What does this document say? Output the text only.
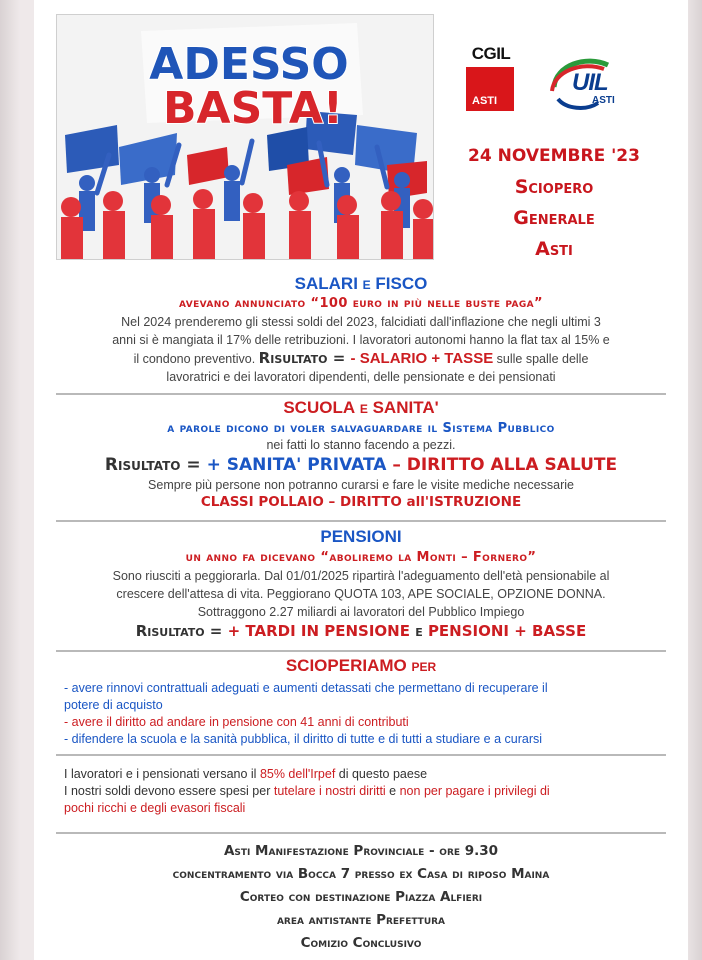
ADESSO
BASTA!
CGIL
ASTI
UIL
ASTI
24 NOVEMBRE '23
Sciopero
Generale
Asti
SALARI e FISCO
avevano annunciato “100 euro in più nelle buste paga”
Nel 2024 prenderemo gli stessi soldi del 2023, falcidiati dall'inflazione che negli ultimi 3
anni si è mangiata il 17% delle retribuzioni. I lavoratori autonomi hanno la flat tax al 15% e
il condono preventivo. Risultato = - SALARIO + TASSE sulle spalle delle
lavoratrici e dei lavoratori dipendenti, delle pensionate e dei pensionati
SCUOLA e SANITA'
a parole dicono di voler salvaguardare il Sistema Pubblico
nei fatti lo stanno facendo a pezzi.
Risultato = + SANITA' PRIVATA – DIRITTO ALLA SALUTE
Sempre più persone non potranno curarsi e fare le visite mediche necessarie
CLASSI POLLAIO – DIRITTO all'ISTRUZIONE
PENSIONI
un anno fa dicevano “aboliremo la Monti – Fornero”
Sono riusciti a peggiorarla. Dal 01/01/2025 ripartirà l'adeguamento dell'età pensionabile al
crescere dell'attesa di vita. Peggiorano QUOTA 103, APE SOCIALE, OPZIONE DONNA.
Sottraggono 2.27 miliardi ai lavoratori del Pubblico Impiego
Risultato = + TARDI IN PENSIONE e PENSIONI + BASSE
SCIOPERIAMO per
- avere rinnovi contrattuali adeguati e aumenti detassati che permettano di recuperare il
potere di acquisto
- avere il diritto ad andare in pensione con 41 anni di contributi
- difendere la scuola e la sanità pubblica, il diritto di tutte e di tutti a studiare e a curarsi
I lavoratori e i pensionati versano il 85% dell'Irpef di questo paese
I nostri soldi devono essere spesi per tutelare i nostri diritti e non per pagare i privilegi di
pochi ricchi e degli evasori fiscali
Asti Manifestazione Provinciale - ore 9.30
concentramento via Bocca 7 presso ex Casa di riposo Maina
Corteo con destinazione Piazza Alfieri
area antistante Prefettura
Comizio Conclusivo
